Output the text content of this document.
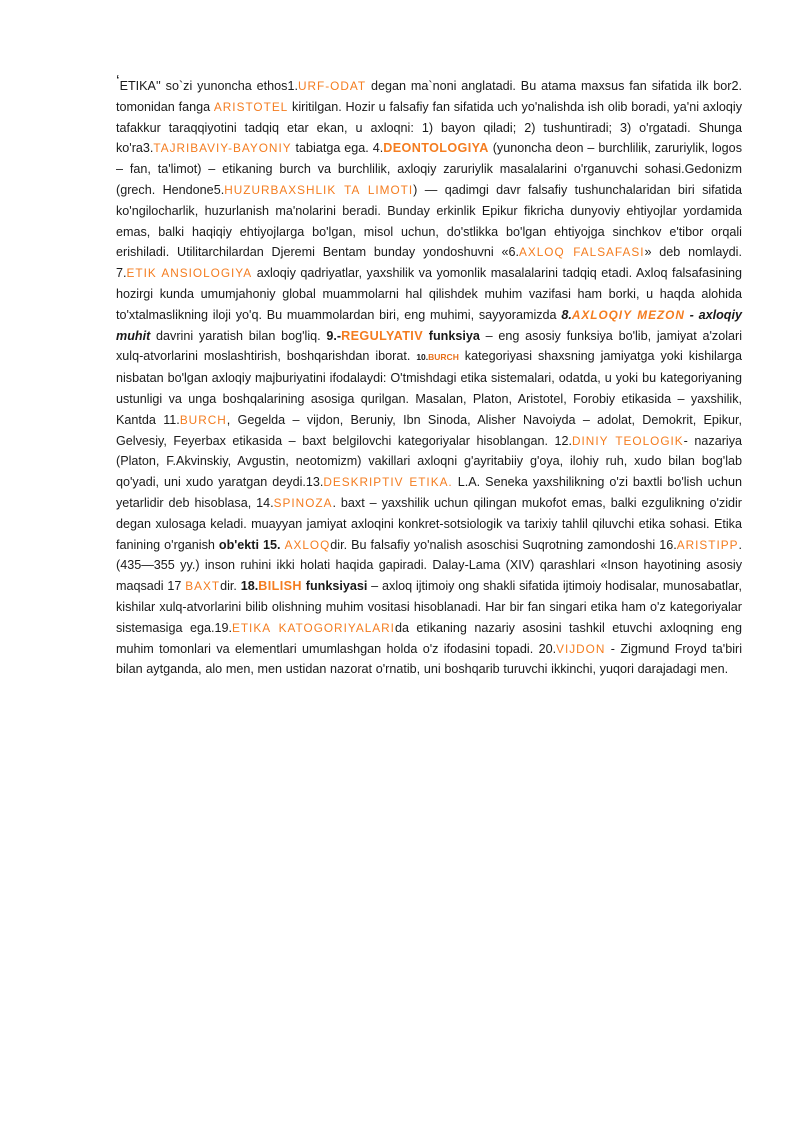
‘ETIKA'' so`zi yunoncha ethos1.URF-ODAT degan ma`noni anglatadi. Bu atama maxsus fan sifatida ilk bor2. tomonidan fanga ARISTOTEL kiritilgan. Hozir u falsafiy fan sifatida uch yo'nalishda ish olib boradi, ya'ni axloqiy tafakkur taraqqiyotini tadqiq etar ekan, u axloqni: 1) bayon qiladi; 2) tushuntiradi; 3) o'rgatadi. Shunga ko'ra3.TAJRIBAVIY-BAYONIY tabiatga ega. 4.DEONTOLOGIYA (yunoncha deon – burchlilik, zaruriylik, logos – fan, ta'limot) – etikaning burch va burchlilik, axloqiy zaruriylik masalalarini o'rganuvchi sohasi.Gedonizm (grech. Hendone5.HUZURBAXSHLIK TA LIMOTI) — qadimgi davr falsafiy tushunchalaridan biri sifatida ko'ngilocharlik, huzurlanish ma'nolarini beradi. Bunday erkinlik Epikur fikricha dunyoviy ehtiyojlar yordamida emas, balki haqiqiy ehtiyojlarga bo'lgan, misol uchun, do'stlikka bo'lgan ehtiyojga sinchkov e'tibor orqali erishiladi. Utilitarchilardan Djeremi Bentam bunday yondoshuvni «6.AXLOQ FALSAFASI» deb nomlaydi. 7.ETIK ANSIOLOGIYA axloqiy qadriyatlar, yaxshilik va yomonlik masalalarini tadqiq etadi. Axloq falsafasining hozirgi kunda umumjahoniy global muammolarni hal qilishdek muhim vazifasi ham borki, u haqda alohida to'xtalmaslikning iloji yo'q. Bu muammolardan biri, eng muhimi, sayyoramizda 8.AXLOQIY MEZON - axloqiy muhit davrini yaratish bilan bog'liq. 9.-REGULYATIV funksiya – eng asosiy funksiya bo'lib, jamiyat a'zolari xulq-atvorlarini moslashtirish, boshqarishdan iborat. 10.BURCH kategoriyasi shaxsning jamiyatga yoki kishilarga nisbatan bo'lgan axloqiy majburiyatini ifodalaydi: O'tmishdagi etika sistemalari, odatda, u yoki bu kategoriyaning ustunligi va unga boshqalarining asosiga qurilgan. Masalan, Platon, Aristotel, Forobiy etikasida – yaxshilik, Kantda 11.BURCH, Gegelda – vijdon, Beruniy, Ibn Sinoda, Alisher Navoiyda – adolat, Demokrit, Epikur, Gelvesiy, Feyerbax etikasida – baxt belgilovchi kategoriyalar hisoblangan. 12.DINIY TEOLOGIK- nazariya (Platon, F.Akvinskiy, Avgustin, neotomizm) vakillari axloqni g'ayritabiiy g'oya, ilohiy ruh, xudo bilan bog'lab qo'yadi, uni xudo yaratgan deydi.13.DESKRIPTIV ETIKA. L.A. Seneka yaxshilikning o'zi baxtli bo'lish uchun yetarlidir deb hisoblasa, 14.SPINOZA. baxt – yaxshilik uchun qilingan mukofot emas, balki ezgulikning o'zidir degan xulosaga keladi. muayyan jamiyat axloqini konkret-sotsiologik va tarixiy tahlil qiluvchi etika sohasi. Etika fanining o'rganish ob'ekti 15. AXLOQdir. Bu falsafiy yo'nalish asoschisi Suqrotning zamondoshi 16.ARISTIPP.(435—355 yy.) inson ruhini ikki holati haqida gapiradi. Dalay-Lama (XIV) qarashlari «Inson hayotining asosiy maqsadi 17 BAXTdir. 18.BILISH funksiyasi – axloq ijtimoiy ong shakli sifatida ijtimoiy hodisalar, munosabatlar, kishilar xulq-atvorlarini bilib olishning muhim vositasi hisoblanadi. Har bir fan singari etika ham o'z kategoriyalar sistemasiga ega.19.ETIKA KATOGORIYALARIda etikaning nazariy asosini tashkil etuvchi axloqning eng muhim tomonlari va elementlari umumlashgan holda o'z ifodasini topadi. 20.VIJDON - Zigmund Froyd ta'biri bilan aytganda, alo men, men ustidan nazorat o'rnatib, uni boshqarib turuvchi ikkinchi, yuqori darajadagi men.
